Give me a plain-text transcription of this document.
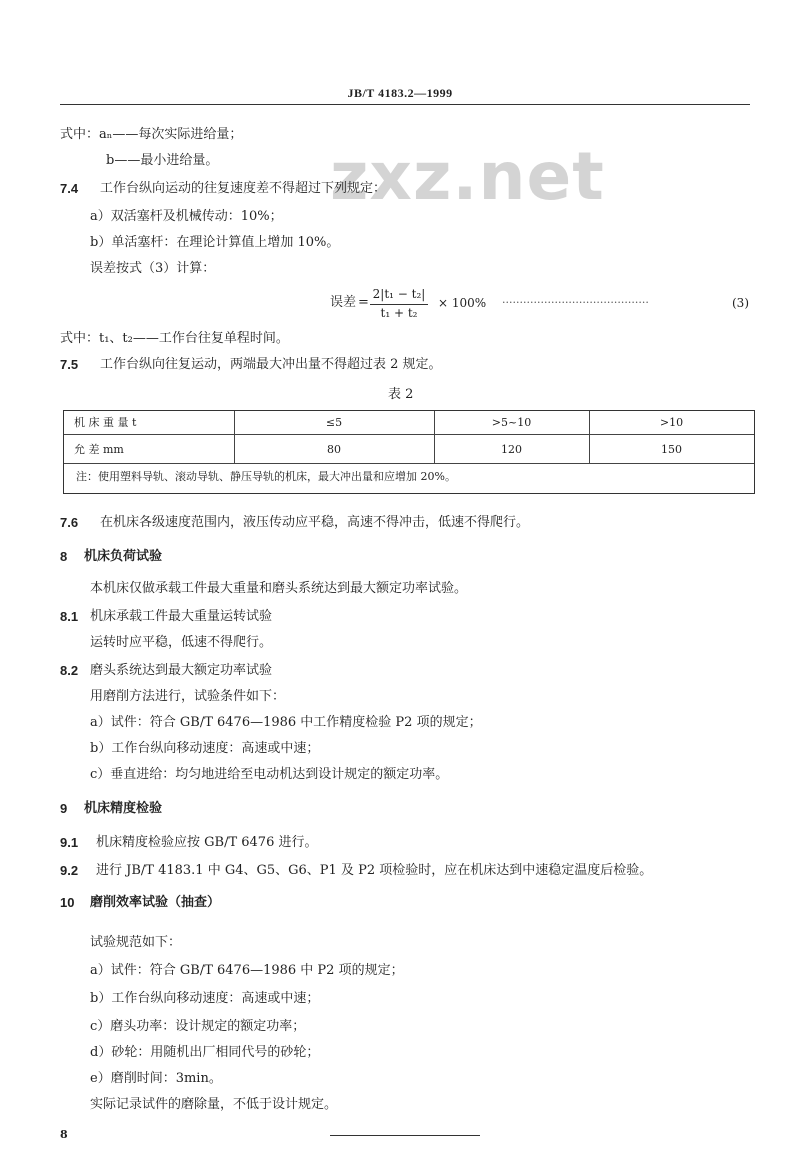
JB/T 4183.2—1999
zxz.net
式中：aₙ——每次实际进给量；
b——最小进给量。
7.4 工作台纵向运动的往复速度差不得超过下列规定：
a）双活塞杆及机械传动：10%；
b）单活塞杆：在理论计算值上增加 10%。
误差按式（3）计算：
误差 = $\frac{\text{2|t₁ − t₂|}}{\text{t₁ + t₂}} \times 100\%$ ··········································	(3)
式中：t₁、t₂——工作台往复单程时间。
7.5 工作台纵向往复运动，两端最大冲出量不得超过表 2 规定。
表 2
机 床 重 量 t	≤5	>5~10	>10
允 差 mm	80	120	150
注：使用塑料导轨、滚动导轨、静压导轨的机床，最大冲出量和应增加 20%。
7.6 在机床各级速度范围内，液压传动应平稳，高速不得冲击，低速不得爬行。
8 机床负荷试验
本机床仅做承载工件最大重量和磨头系统达到最大额定功率试验。
8.1 机床承载工件最大重量运转试验
运转时应平稳，低速不得爬行。
8.2 磨头系统达到最大额定功率试验
用磨削方法进行，试验条件如下：
a）试件：符合 GB/T 6476—1986 中工作精度检验 P2 项的规定；
b）工作台纵向移动速度：高速或中速；
c）垂直进给：均匀地进给至电动机达到设计规定的额定功率。
9 机床精度检验
9.1 机床精度检验应按 GB/T 6476 进行。
9.2 进行 JB/T 4183.1 中 G4、G5、G6、P1 及 P2 项检验时，应在机床达到中速稳定温度后检验。
10 磨削效率试验（抽查）
试验规范如下：
a）试件：符合 GB/T 6476—1986 中 P2 项的规定；
b）工作台纵向移动速度：高速或中速；
c）磨头功率：设计规定的额定功率；
d）砂轮：用随机出厂相同代号的砂轮；
e）磨削时间：3min。
实际记录试件的磨除量，不低于设计规定。
8
